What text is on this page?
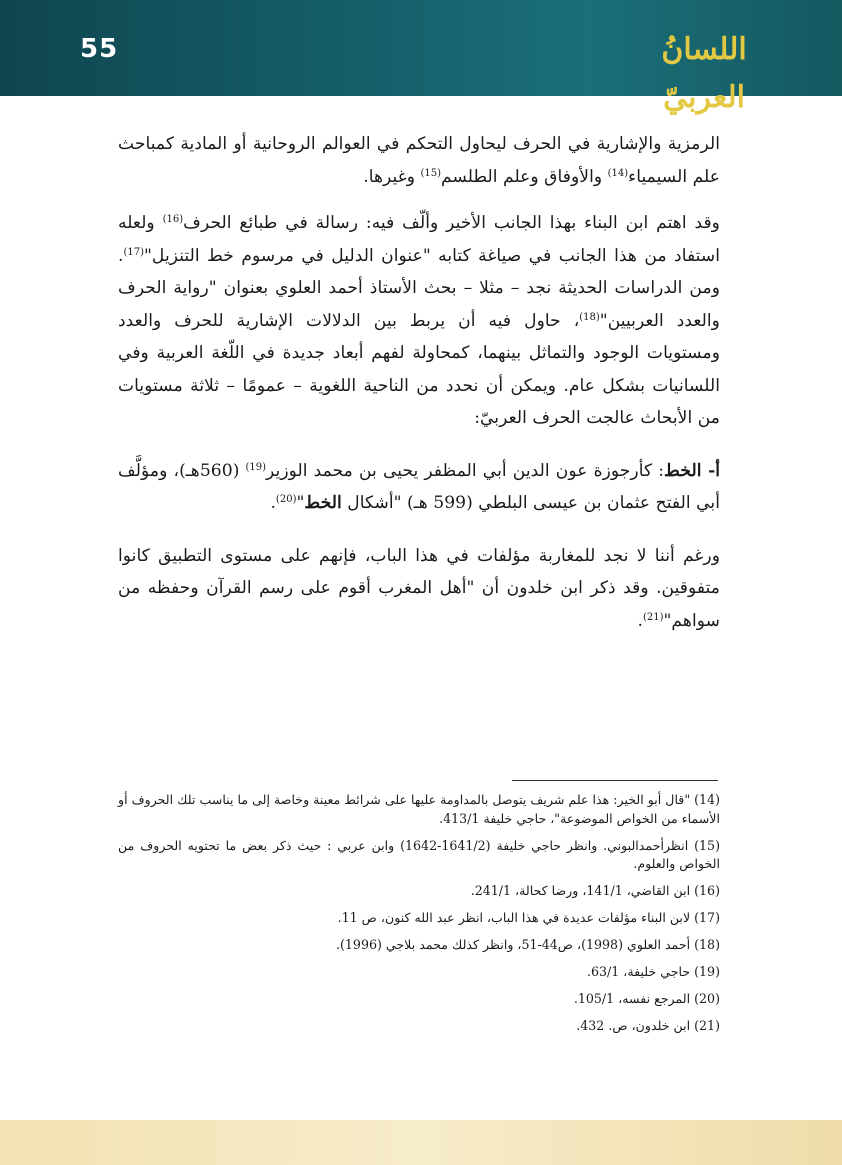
55	اللسانُ العربيّ

الرمزية والإشارية في الحرف ليحاول التحكم في العوالم الروحانية أو المادية كمباحث علم السيمياء$^{(14)}$ والأوفاق وعلم الطلسم$^{(15)}$ وغيرها.

وقد اهتم ابن البناء بهذا الجانب الأخير وألّف فيه: رسالة في طبائع الحرف$^{(16)}$ ولعله استفاد من هذا الجانب في صياغة كتابه "عنوان الدليل في مرسوم خط التنزيل"$^{(17)}$. ومن الدراسات الحديثة نجد – مثلا – بحث الأستاذ أحمد العلوي بعنوان "رواية الحرف والعدد العربيين"$^{(18)}$، حاول فيه أن يربط بين الدلالات الإشارية للحرف والعدد ومستويات الوجود والتماثل بينهما، كمحاولة لفهم أبعاد جديدة في اللّغة العربية وفي اللسانيات بشكل عام. ويمكن أن نحدد من الناحية اللغوية – عمومًا – ثلاثة مستويات من الأبحاث عالجت الحرف العربيّ:

أ- الخط: كأرجوزة عون الدين أبي المظفر يحيى بن محمد الوزير$^{(19)}$ (560هـ)، ومؤلَّف أبي الفتح عثمان بن عيسى البلطي (599 هـ) "أشكال الخط"$^{(20)}$.

ورغم أننا لا نجد للمغاربة مؤلفات في هذا الباب، فإنهم على مستوى التطبيق كانوا متفوقين. وقد ذكر ابن خلدون أن "أهل المغرب أقوم على رسم القرآن وحفظه من سواهم"$^{(21)}$.

(14) "قال أبو الخير: هذا علم شريف يتوصل بالمداومة عليها على شرائط معينة وخاصة إلى ما يناسب تلك الحروف أو الأسماء من الخواص الموضوعة"، حاجي خليفة 413/1.
(15) انظرأحمدالبوني. وانظر حاجي خليفة (1641/2-1642) وابن عربي : حيث ذكر بعض ما تحتويه الحروف من الخواص والعلوم.
(16) ابن القاضي، 141/1، ورضا كحالة، 241/1.
(17) لابن البناء مؤلفات عديدة في هذا الباب، انظر عبد الله كنون، ص 11.
(18) أحمد العلوي (1998)، ص44-51، وانظر كذلك محمد بلاجي (1996).
(19) حاجي خليفة، 63/1.
(20) المرجع نفسه، 105/1.
(21) ابن خلدون، ص. 432.
